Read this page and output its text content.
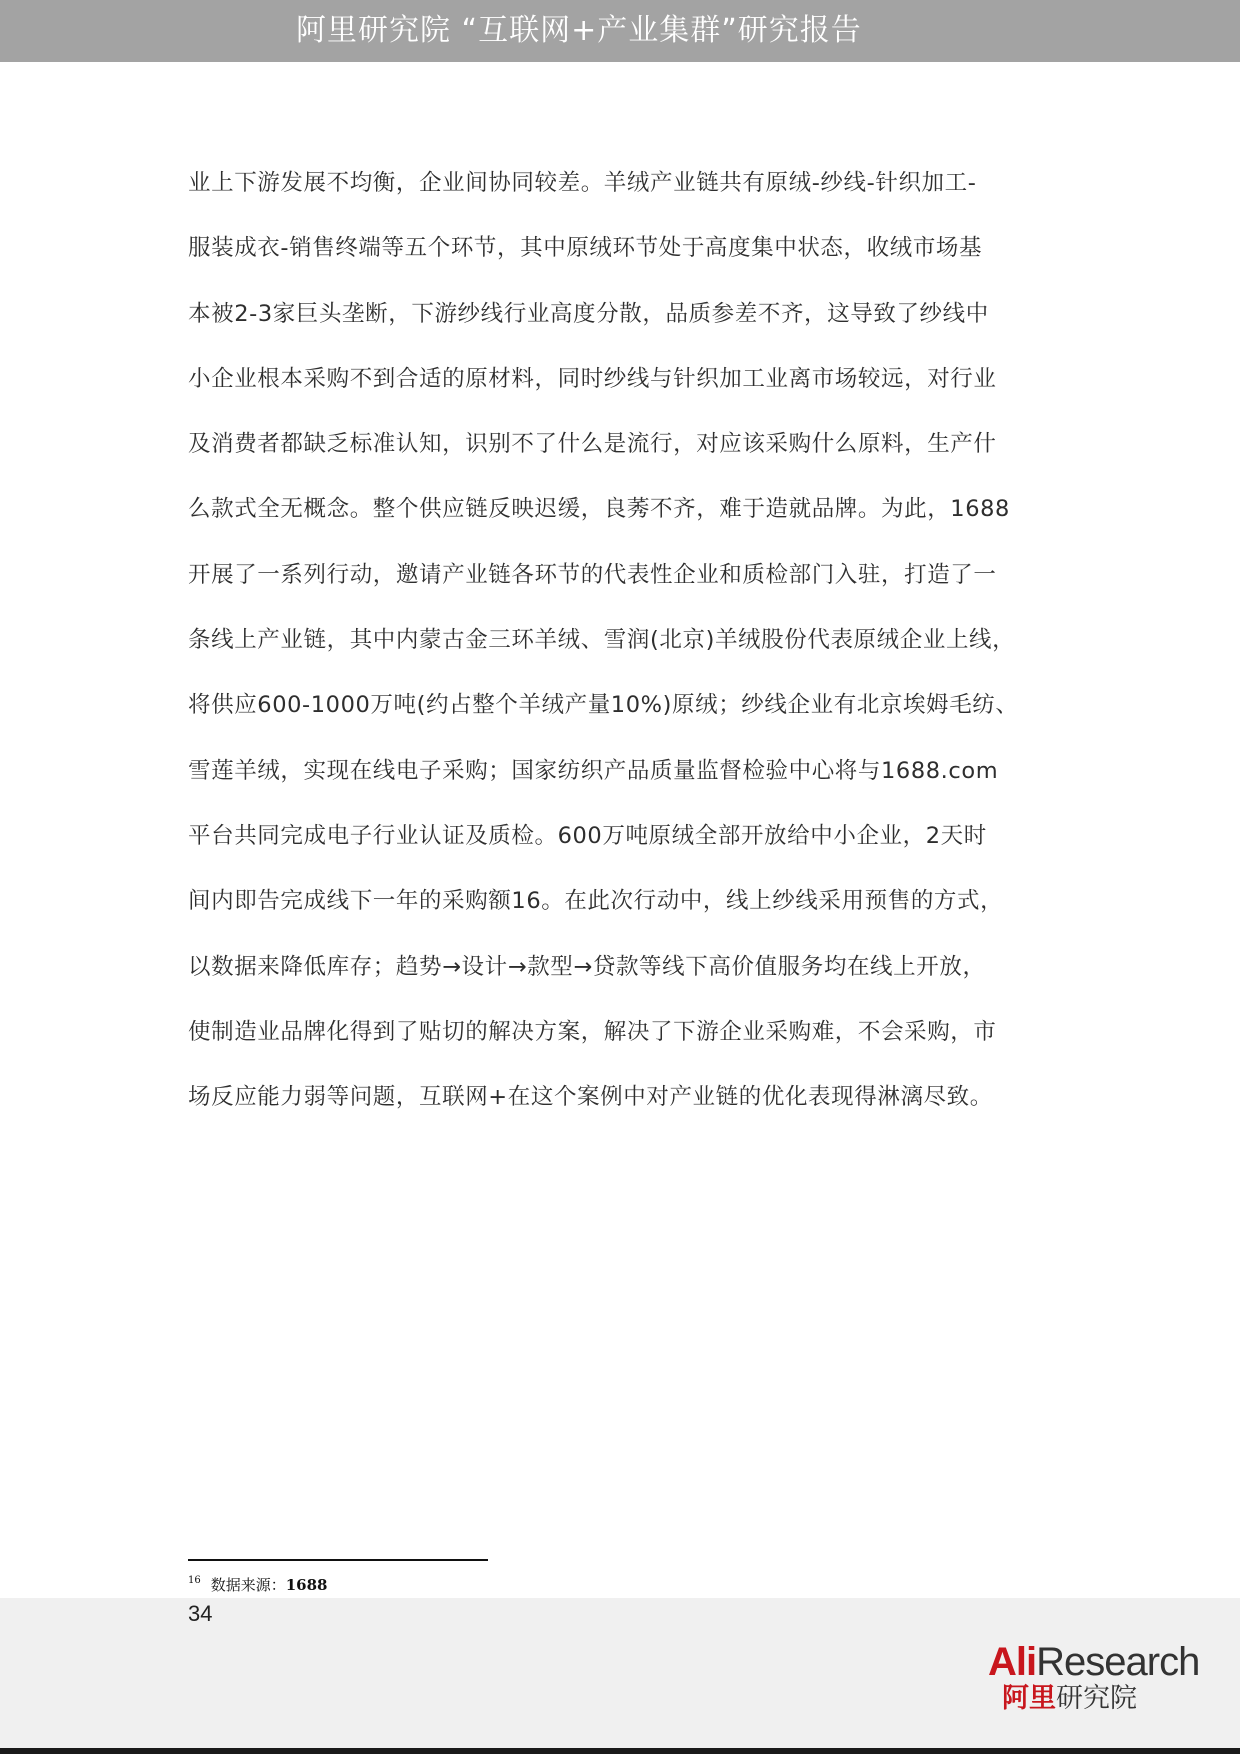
阿里研究院 “互联网+产业集群”研究报告
业上下游发展不均衡，企业间协同较差。羊绒产业链共有原绒-纱线-针织加工-
服装成衣-销售终端等五个环节，其中原绒环节处于高度集中状态，收绒市场基
本被2-3家巨头垄断，下游纱线行业高度分散，品质参差不齐，这导致了纱线中
小企业根本采购不到合适的原材料，同时纱线与针织加工业离市场较远，对行业
及消费者都缺乏标准认知，识别不了什么是流行，对应该采购什么原料，生产什
么款式全无概念。整个供应链反映迟缓，良莠不齐，难于造就品牌。为此，1688
开展了一系列行动，邀请产业链各环节的代表性企业和质检部门入驻，打造了一
条线上产业链，其中内蒙古金三环羊绒、雪润(北京)羊绒股份代表原绒企业上线，
将供应600-1000万吨(约占整个羊绒产量10%)原绒；纱线企业有北京埃姆毛纺、
雪莲羊绒，实现在线电子采购；国家纺织产品质量监督检验中心将与1688.com
平台共同完成电子行业认证及质检。600万吨原绒全部开放给中小企业，2天时
间内即告完成线下一年的采购额16。在此次行动中，线上纱线采用预售的方式，
以数据来降低库存；趋势→设计→款型→贷款等线下高价值服务均在线上开放，
使制造业品牌化得到了贴切的解决方案，解决了下游企业采购难，不会采购，市
场反应能力弱等问题，互联网+在这个案例中对产业链的优化表现得淋漓尽致。
$^{16}$ 数据来源：1688
34
AliResearch
阿里研究院
